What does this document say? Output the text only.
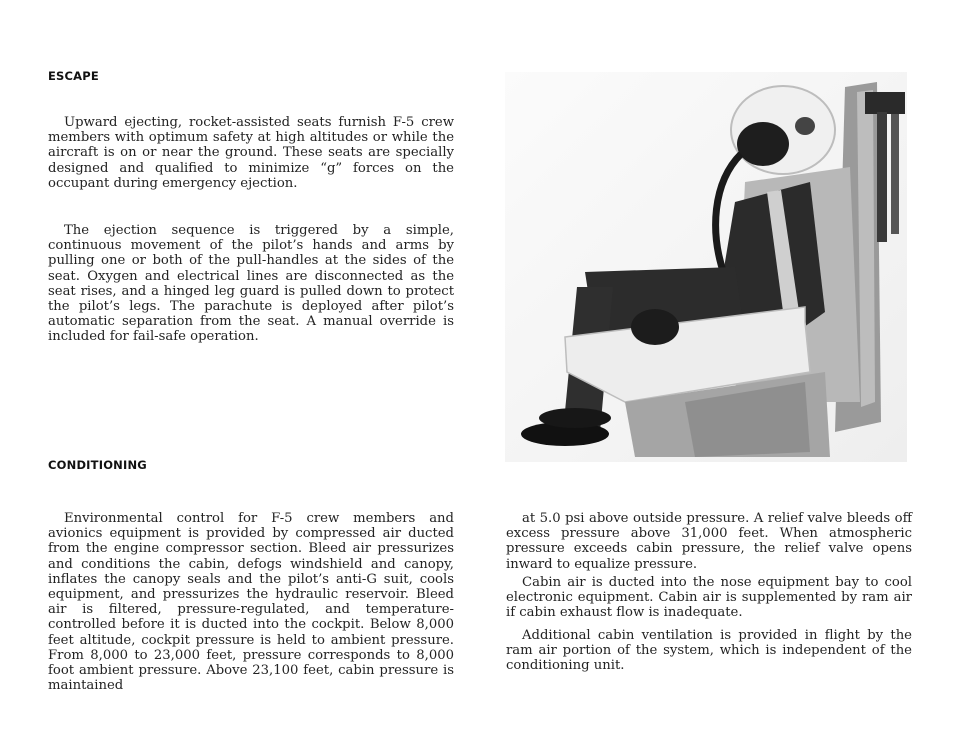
ESCAPE

Upward ejecting, rocket-assisted seats furnish F-5 crew members with optimum safety at high altitudes or while the aircraft is on or near the ground. These seats are specially designed and qualified to minimize “g” forces on the occupant during emergency ejection.

The ejection sequence is triggered by a simple, continuous movement of the pilot’s hands and arms by pulling one or both of the pull-handles at the sides of the seat. Oxygen and electrical lines are disconnected as the seat rises, and a hinged leg guard is pulled down to protect the pilot’s legs. The parachute is deployed after pilot’s automatic separation from the seat. A manual override is included for fail-safe operation.

CONDITIONING

Environmental control for F-5 crew members and avionics equipment is provided by compressed air ducted from the engine compressor section. Bleed air pressurizes and conditions the cabin, defogs windshield and canopy, inflates the canopy seals and the pilot’s anti-G suit, cools equipment, and pressurizes the hydraulic reservoir. Bleed air is filtered, pressure-regulated, and temperature-controlled before it is ducted into the cockpit. Below 8,000 feet altitude, cockpit pressure is held to ambient pressure. From 8,000 to 23,000 feet, pressure corresponds to 8,000 foot ambient pressure. Above 23,100 feet, cabin pressure is maintained

at 5.0 psi above outside pressure. A relief valve bleeds off excess pressure above 31,000 feet. When atmospheric pressure exceeds cabin pressure, the relief valve opens inward to equalize pressure.

Cabin air is ducted into the nose equipment bay to cool electronic equipment. Cabin air is supplemented by ram air if cabin exhaust flow is inadequate.

Additional cabin ventilation is provided in flight by the ram air portion of the system, which is independent of the conditioning unit.
